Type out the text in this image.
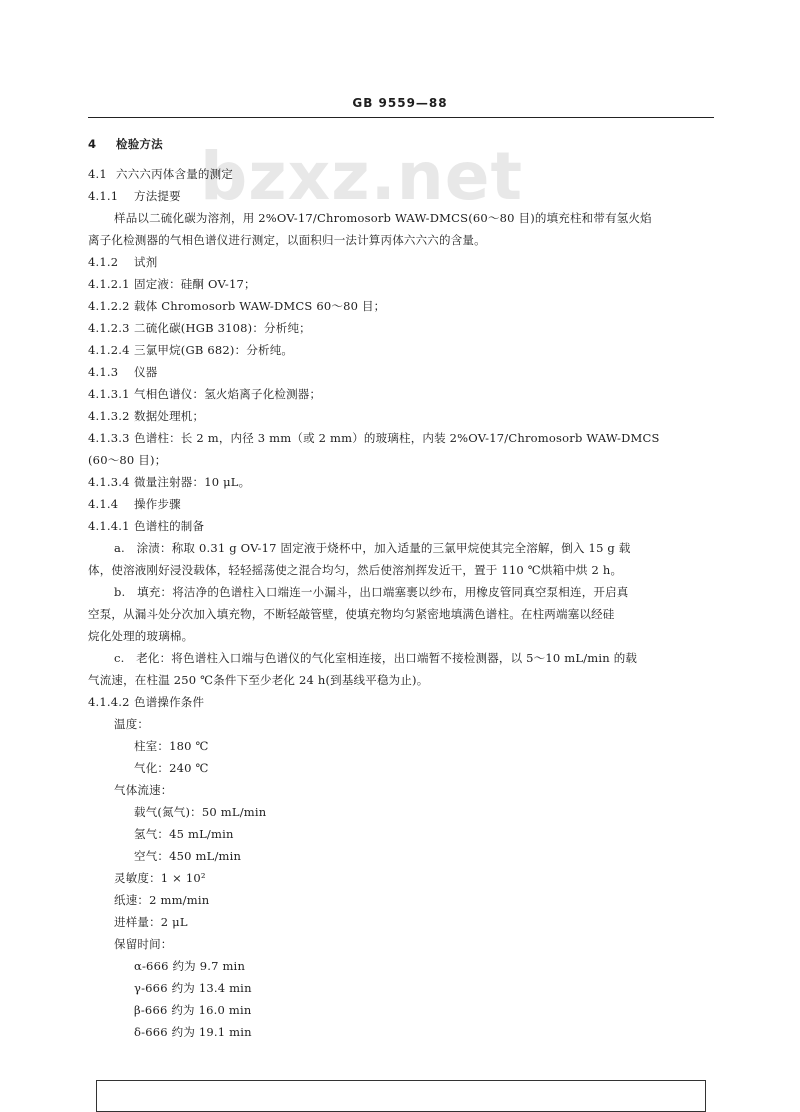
GB 9559—88
bzxz.net
4 检验方法
4.1 六六六丙体含量的测定
4.1.1 方法提要
样品以二硫化碳为溶剂，用 2%OV-17/Chromosorb WAW-DMCS(60～80 目)的填充柱和带有氢火焰
离子化检测器的气相色谱仪进行测定，以面积归一法计算丙体六六六的含量。
4.1.2 试剂
4.1.2.1 固定液：硅酮 OV-17；
4.1.2.2 载体 Chromosorb WAW-DMCS 60～80 目；
4.1.2.3 二硫化碳(HGB 3108)：分析纯；
4.1.2.4 三氯甲烷(GB 682)：分析纯。
4.1.3 仪器
4.1.3.1 气相色谱仪：氢火焰离子化检测器；
4.1.3.2 数据处理机；
4.1.3.3 色谱柱：长 2 m，内径 3 mm（或 2 mm）的玻璃柱，内装 2%OV-17/Chromosorb WAW-DMCS
(60～80 目)；
4.1.3.4 微量注射器：10 μL。
4.1.4 操作步骤
4.1.4.1 色谱柱的制备
a.　涂渍：称取 0.31 g OV-17 固定液于烧杯中，加入适量的三氯甲烷使其完全溶解，倒入 15 g 载
体，使溶液刚好浸没载体，轻轻摇荡使之混合均匀，然后使溶剂挥发近干，置于 110 ℃烘箱中烘 2 h。
b.　填充：将洁净的色谱柱入口端连一小漏斗，出口端塞裹以纱布，用橡皮管同真空泵相连，开启真
空泵，从漏斗处分次加入填充物，不断轻敲管壁，使填充物均匀紧密地填满色谱柱。在柱两端塞以经硅
烷化处理的玻璃棉。
c.　老化：将色谱柱入口端与色谱仪的气化室相连接，出口端暂不接检测器，以 5～10 mL/min 的载
气流速，在柱温 250 ℃条件下至少老化 24 h(到基线平稳为止)。
4.1.4.2 色谱操作条件
温度：
柱室：180 ℃
气化：240 ℃
气体流速：
载气(氮气)：50 mL/min
氢气：45 mL/min
空气：450 mL/min
灵敏度：1 × 10²
纸速：2 mm/min
进样量：2 μL
保留时间：
α-666 约为 9.7 min
γ-666 约为 13.4 min
β-666 约为 16.0 min
δ-666 约为 19.1 min
